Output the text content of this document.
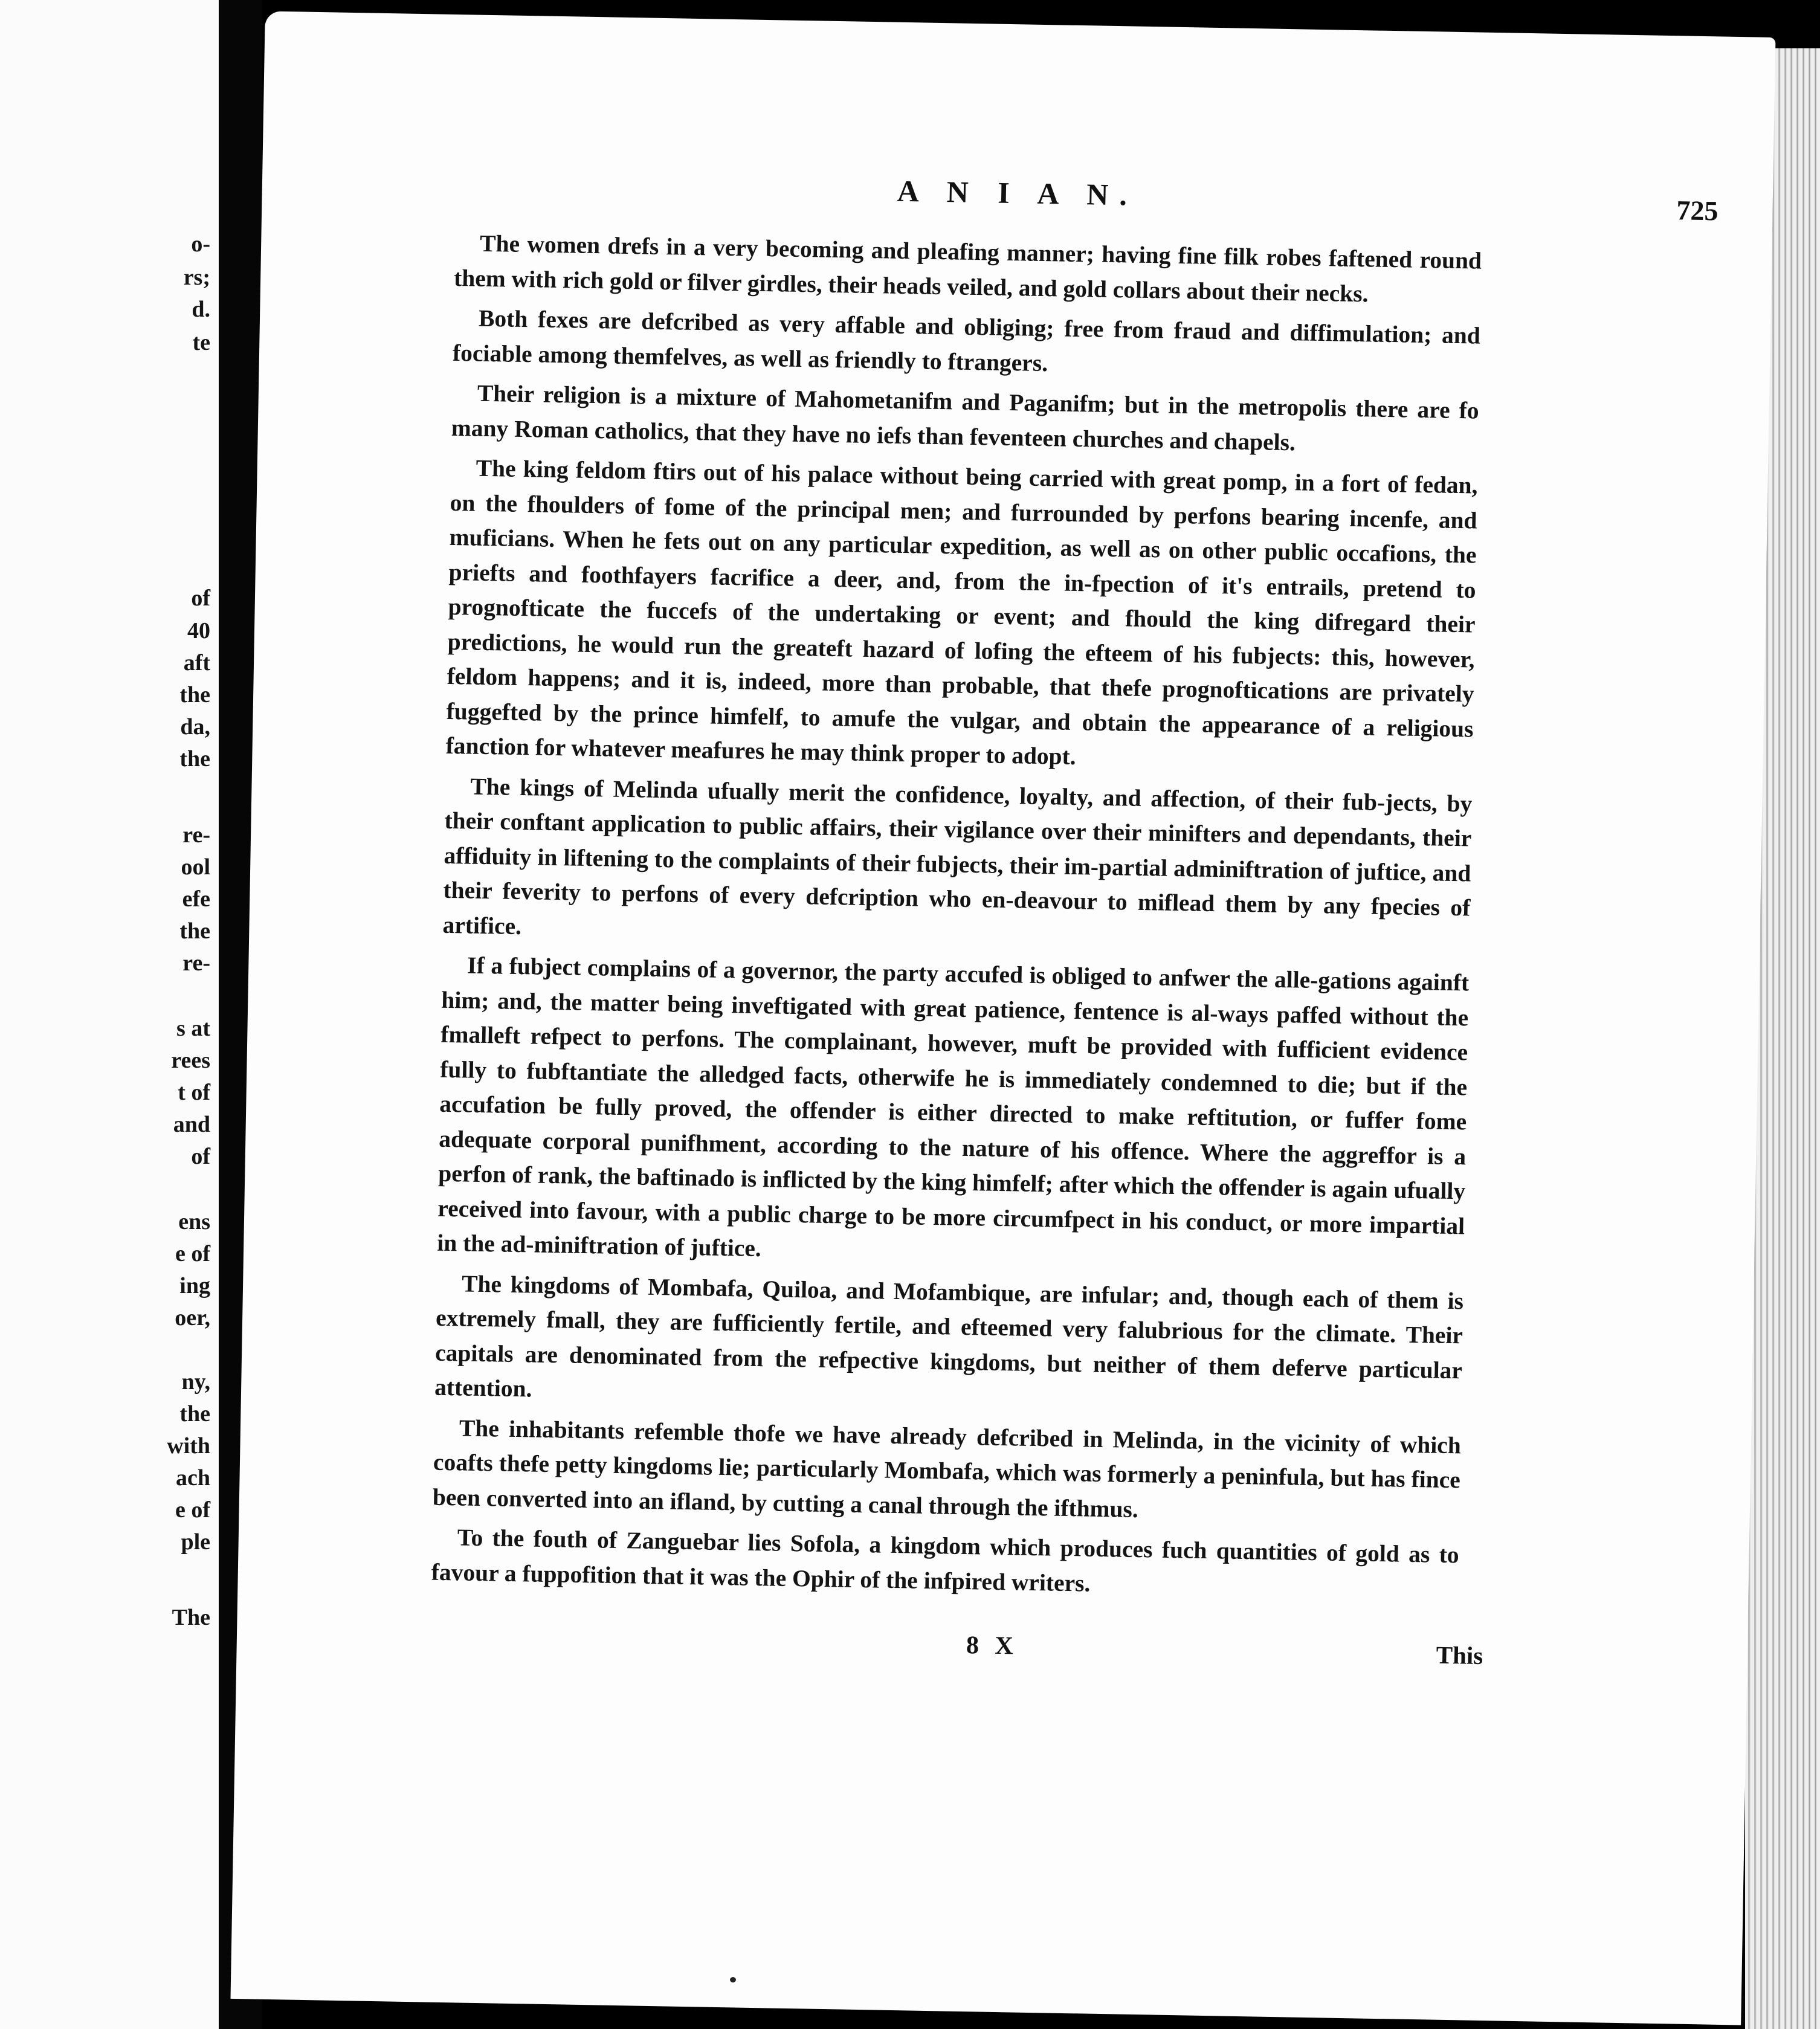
o-
rs;
d.
te
of
40
aft
the
da,
the
re-
ool
efe
the
re-
s at
rees
t of
and
of
ens
e of
ing
oer,
ny,
the
with
ach
e of
ple
The
A N I A N.	725

The women drefs in a very becoming and pleafing manner; having fine filk robes faftened round them with rich gold or filver girdles, their heads veiled, and gold collars about their necks.

Both fexes are defcribed as very affable and obliging; free from fraud and diffimulation; and fociable among themfelves, as well as friendly to ftrangers.

Their religion is a mixture of Mahometanifm and Paganifm; but in the metropolis there are fo many Roman catholics, that they have no iefs than feventeen churches and chapels.

The king feldom ftirs out of his palace without being carried with great pomp, in a fort of fedan, on the fhoulders of fome of the principal men; and furrounded by perfons bearing incenfe, and muficians. When he fets out on any particular expedition, as well as on other public occafions, the priefts and foothfayers facrifice a deer, and, from the in-fpection of it's entrails, pretend to prognofticate the fuccefs of the undertaking or event; and fhould the king difregard their predictions, he would run the greateft hazard of lofing the efteem of his fubjects: this, however, feldom happens; and it is, indeed, more than probable, that thefe prognoftications are privately fuggefted by the prince himfelf, to amufe the vulgar, and obtain the appearance of a religious fanction for whatever meafures he may think proper to adopt.

The kings of Melinda ufually merit the confidence, loyalty, and affection, of their fub-jects, by their conftant application to public affairs, their vigilance over their minifters and dependants, their affiduity in liftening to the complaints of their fubjects, their im-partial adminiftration of juftice, and their feverity to perfons of every defcription who en-deavour to miflead them by any fpecies of artifice.

If a fubject complains of a governor, the party accufed is obliged to anfwer the alle-gations againft him; and, the matter being inveftigated with great patience, fentence is al-ways paffed without the fmalleft refpect to perfons. The complainant, however, muft be provided with fufficient evidence fully to fubftantiate the alledged facts, otherwife he is immediately condemned to die; but if the accufation be fully proved, the offender is either directed to make reftitution, or fuffer fome adequate corporal punifhment, according to the nature of his offence. Where the aggreffor is a perfon of rank, the baftinado is inflicted by the king himfelf; after which the offender is again ufually received into favour, with a public charge to be more circumfpect in his conduct, or more impartial in the ad-miniftration of juftice.

The kingdoms of Mombafa, Quiloa, and Mofambique, are infular; and, though each of them is extremely fmall, they are fufficiently fertile, and efteemed very falubrious for the climate. Their capitals are denominated from the refpective kingdoms, but neither of them deferve particular attention.

The inhabitants refemble thofe we have already defcribed in Melinda, in the vicinity of which coafts thefe petty kingdoms lie; particularly Mombafa, which was formerly a peninfula, but has fince been converted into an ifland, by cutting a canal through the ifthmus.

To the fouth of Zanguebar lies Sofola, a kingdom which produces fuch quantities of gold as to favour a fuppofition that it was the Ophir of the infpired writers.

8 X	This
